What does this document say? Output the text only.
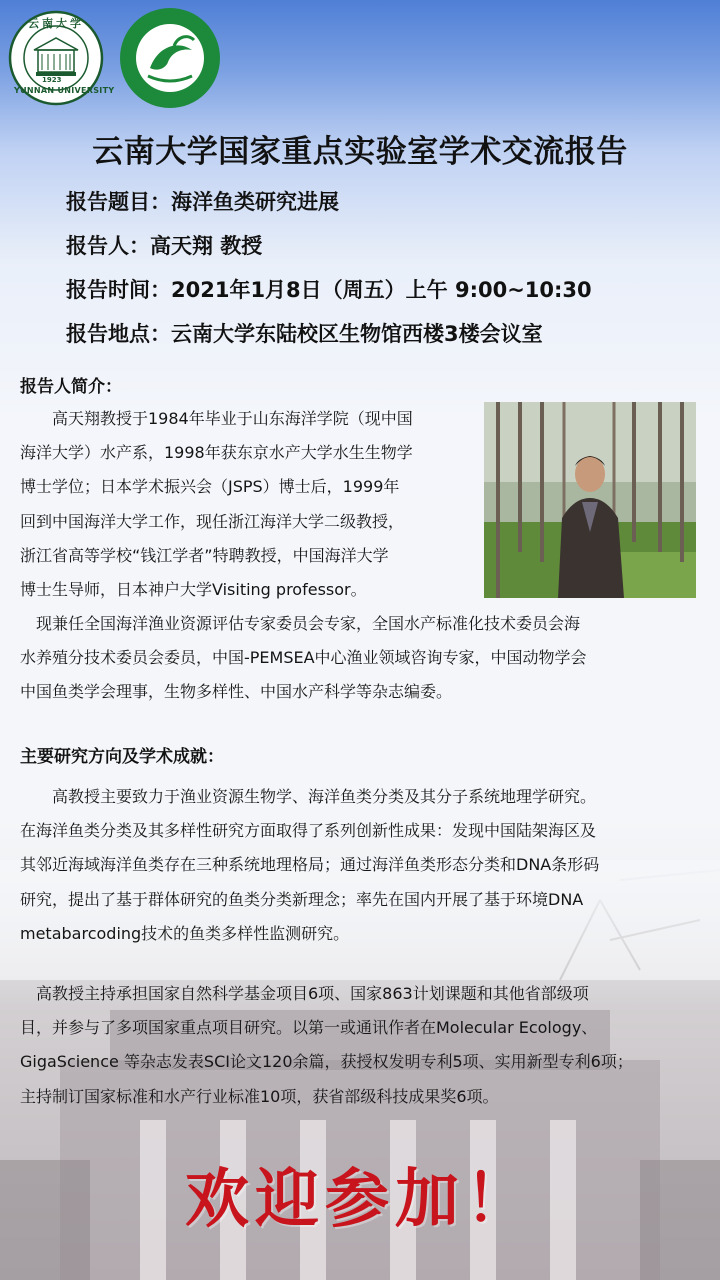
1923
云南大学
YUNNAN UNIVERSITY
云南大学国家重点实验室学术交流报告
报告题目：海洋鱼类研究进展
报告人：高天翔 教授
报告时间：2021年1月8日（周五）上午 9:00~10:30
报告地点：云南大学东陆校区生物馆西楼3楼会议室
报告人简介：
　　高天翔教授于1984年毕业于山东海洋学院（现中国
海洋大学）水产系，1998年获东京水产大学水生生物学
博士学位；日本学术振兴会（JSPS）博士后，1999年
回到中国海洋大学工作，现任浙江海洋大学二级教授，
浙江省高等学校“钱江学者”特聘教授，中国海洋大学
博士生导师，日本神户大学Visiting professor。
　现兼任全国海洋渔业资源评估专家委员会专家，全国水产标准化技术委员会海
水养殖分技术委员会委员，中国-PEMSEA中心渔业领域咨询专家，中国动物学会
中国鱼类学会理事，生物多样性、中国水产科学等杂志编委。
主要研究方向及学术成就：
　　高教授主要致力于渔业资源生物学、海洋鱼类分类及其分子系统地理学研究。
在海洋鱼类分类及其多样性研究方面取得了系列创新性成果：发现中国陆架海区及
其邻近海域海洋鱼类存在三种系统地理格局；通过海洋鱼类形态分类和DNA条形码
研究，提出了基于群体研究的鱼类分类新理念；率先在国内开展了基于环境DNA
metabarcoding技术的鱼类多样性监测研究。
　高教授主持承担国家自然科学基金项目6项、国家863计划课题和其他省部级项
目，并参与了多项国家重点项目研究。以第一或通讯作者在Molecular Ecology、
GigaScience 等杂志发表SCI论文120余篇，获授权发明专利5项、实用新型专利6项；
主持制订国家标准和水产行业标准10项，获省部级科技成果奖6项。
欢迎参加！
